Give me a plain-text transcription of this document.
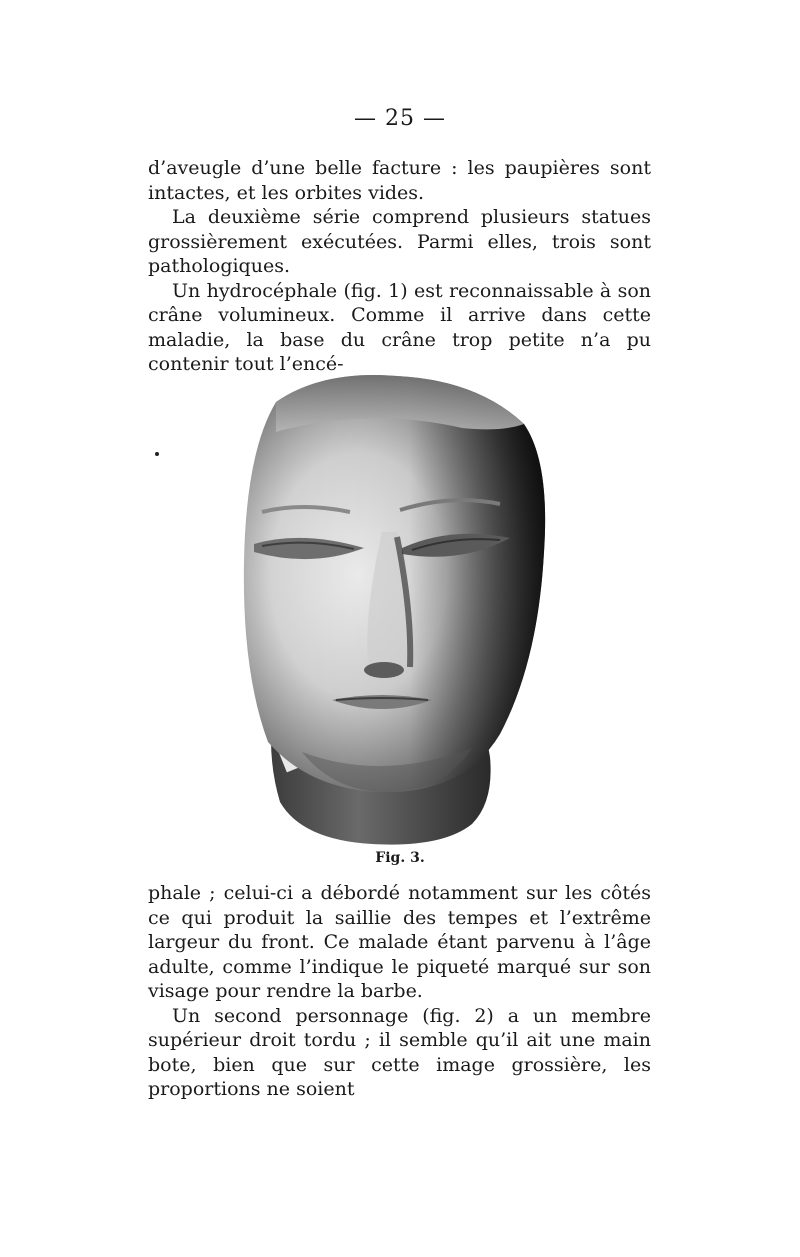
— 25 —

d’aveugle d’une belle facture : les paupières sont intactes, et les orbites vides.

La deuxième série comprend plusieurs statues grossièrement exécutées. Parmi elles, trois sont pathologiques.

Un hydrocéphale (fig. 1) est reconnaissable à son crâne volumineux. Comme il arrive dans cette maladie, la base du crâne trop petite n’a pu contenir tout l’encé-

Fig. 3.

phale ; celui-ci a débordé notamment sur les côtés ce qui produit la saillie des tempes et l’extrême largeur du front. Ce malade étant parvenu à l’âge adulte, comme l’indique le piqueté marqué sur son visage pour rendre la barbe.

Un second personnage (fig. 2) a un membre supérieur droit tordu ; il semble qu’il ait une main bote, bien que sur cette image grossière, les proportions ne soient
